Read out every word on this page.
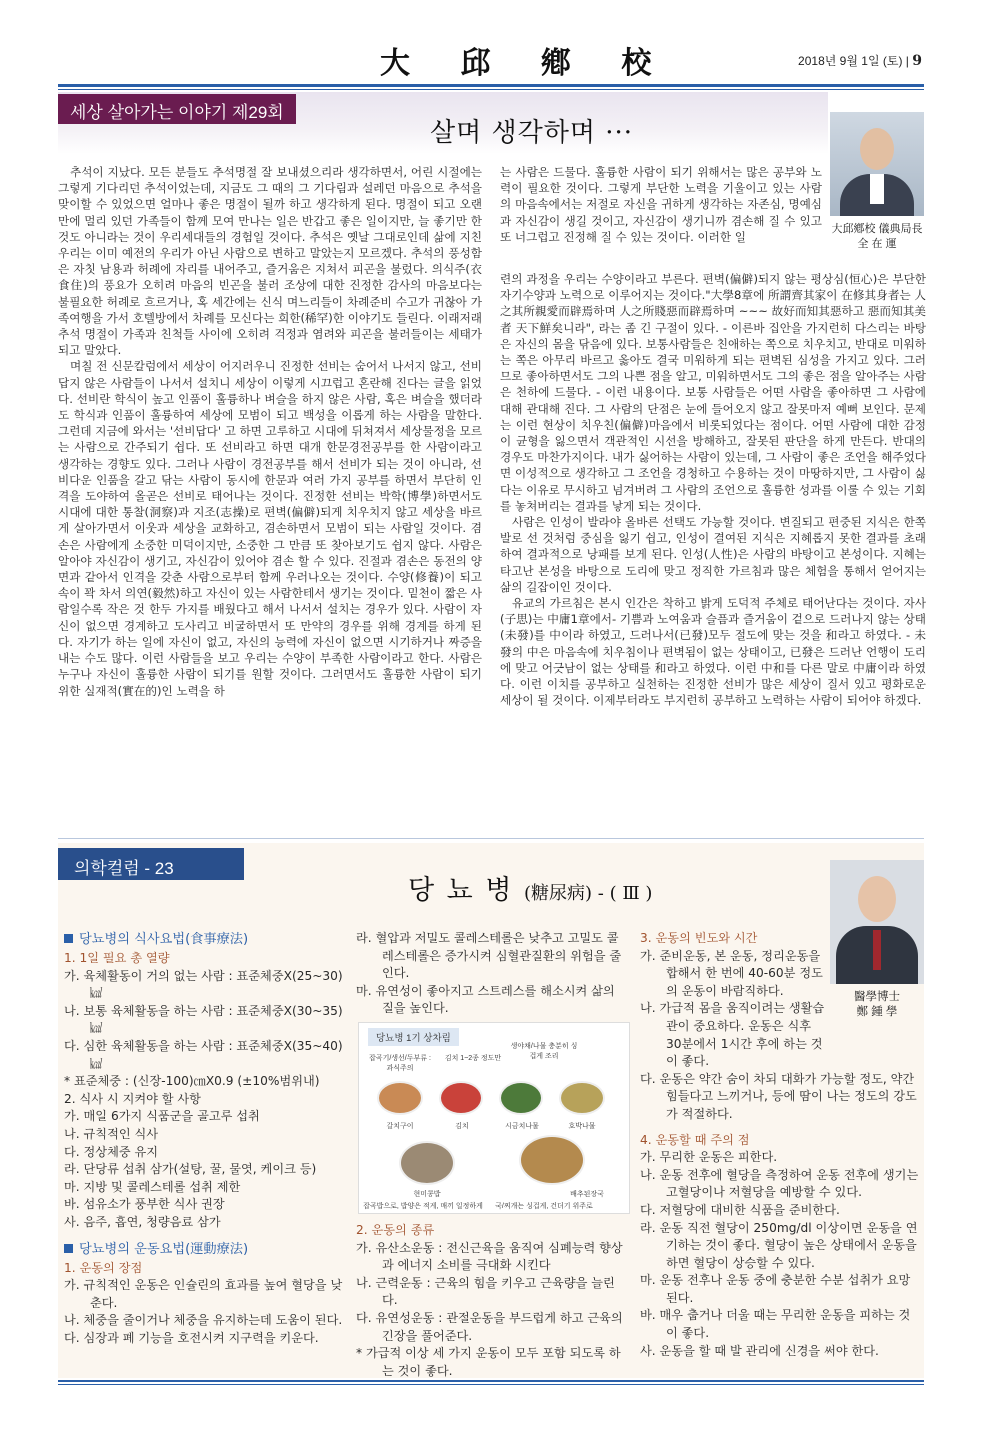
大 邱 鄕 校	2018년 9월 1일 (토) | 9
세상 살아가는 이야기 제29회
살며 생각하며 ···
大邱鄕校 儀典局長
全 在 運

추석이 지났다. 모든 분들도 추석명절 잘 보내셨으리라 생각하면서, 어린 시절에는 그렇게 기다리던 추석이었는데, 지금도 그 때의 그 기다림과 설레던 마음으로 추석을 맞이할 수 있었으면 얼마나 좋은 명절이 될까 하고 생각하게 된다. 명절이 되고 오랜만에 멀리 있던 가족들이 함께 모여 만나는 일은 반갑고 좋은 일이지만, 늘 좋기만 한 것도 아니라는 것이 우리세대들의 경험일 것이다. 추석은 옛날 그대로인데 삶에 지친 우리는 이미 예전의 우리가 아닌 사람으로 변하고 말았는지 모르겠다. 추석의 풍성함은 자칫 남용과 허례에 자리를 내어주고, 즐거움은 지쳐서 피곤을 불렀다. 의식주(衣食住)의 풍요가 오히려 마음의 빈곤을 불러 조상에 대한 진정한 감사의 마음보다는 불필요한 허례로 흐르거나, 혹 세간에는 신식 며느리들이 차례준비 수고가 귀찮아 가족여행을 가서 호텔방에서 차례를 모신다는 희한(稀罕)한 이야기도 들린다. 이래저래 추석 명절이 가족과 친척들 사이에 오히려 걱정과 염려와 피곤을 불러들이는 세태가 되고 말았다.

며칠 전 신문칼럼에서 세상이 어지러우니 진정한 선비는 숨어서 나서지 않고, 선비답지 않은 사람들이 나서서 설치니 세상이 이렇게 시끄럽고 혼란해 진다는 글을 읽었다. 선비란 학식이 높고 인품이 훌륭하나 벼슬을 하지 않은 사람, 혹은 벼슬을 했더라도 학식과 인품이 훌륭하여 세상에 모범이 되고 백성을 이롭게 하는 사람을 말한다. 그런데 지금에 와서는 '선비답다' 고 하면 고루하고 시대에 뒤쳐져서 세상물정을 모르는 사람으로 간주되기 쉽다. 또 선비라고 하면 대개 한문경전공부를 한 사람이라고 생각하는 경향도 있다. 그러나 사람이 경전공부를 해서 선비가 되는 것이 아니라, 선비다운 인품을 갈고 닦는 사람이 동시에 한문과 여러 가지 공부를 하면서 부단히 인격을 도야하여 올곧은 선비로 태어나는 것이다. 진정한 선비는 박학(博學)하면서도 시대에 대한 통찰(洞察)과 지조(志操)로 편벽(偏僻)되게 치우치지 않고 세상을 바르게 살아가면서 이웃과 세상을 교화하고, 겸손하면서 모범이 되는 사람일 것이다. 겸손은 사람에게 소중한 미덕이지만, 소중한 그 만큼 또 찾아보기도 쉽지 않다. 사람은 알아야 자신감이 생기고, 자신감이 있어야 겸손 할 수 있다. 진절과 겸손은 동전의 양면과 같아서 인격을 갖춘 사람으로부터 함께 우러나오는 것이다. 수양(修養)이 되고 속이 꽉 차서 의연(毅然)하고 자신이 있는 사람한테서 생기는 것이다. 밑천이 짧은 사람일수록 작은 것 한두 가지를 배웠다고 해서 나서서 설치는 경우가 있다. 사람이 자신이 없으면 경계하고 도사리고 비굴하면서 또 만약의 경우를 위해 경계를 하게 된다. 자기가 하는 일에 자신이 없고, 자신의 능력에 자신이 없으면 시기하거나 짜증을 내는 수도 많다. 이런 사람들을 보고 우리는 수양이 부족한 사람이라고 한다. 사람은 누구나 자신이 훌륭한 사람이 되기를 원할 것이다. 그러면서도 훌륭한 사람이 되기 위한 실재적(實在的)인 노력을 하

는 사람은 드물다. 훌륭한 사람이 되기 위해서는 많은 공부와 노력이 필요한 것이다. 그렇게 부단한 노력을 기울이고 있는 사람의 마음속에서는 저절로 자신을 귀하게 생각하는 자존심, 명예심과 자신감이 생길 것이고, 자신감이 생기니까 겸손해 질 수 있고 또 너그럽고 진정해 질 수 있는 것이다. 이러한 일

련의 과정을 우리는 수양이라고 부른다. 편벽(偏僻)되지 않는 평상심(恒心)은 부단한 자기수양과 노력으로 이루어지는 것이다."大學8章에 所謂齊其家이 在修其身者는 人之其所親愛而辟焉하며 人之所賤惡而辟焉하며 ~~~ 故好而知其惡하고 惡而知其美者 天下鮮矣니라", 라는 좀 긴 구절이 있다. - 이른바 집안을 가지런히 다스리는 바탕은 자신의 몸을 닦음에 있다. 보통사람들은 친애하는 쪽으로 치우치고, 반대로 미워하는 쪽은 아무리 바르고 옳아도 결국 미워하게 되는 편벽된 심성을 가지고 있다. 그러므로 좋아하면서도 그의 나쁜 점을 알고, 미워하면서도 그의 좋은 점을 알아주는 사람은 천하에 드물다. - 이런 내용이다. 보통 사람들은 어떤 사람을 좋아하면 그 사람에 대해 관대해 진다. 그 사람의 단점은 눈에 들어오지 않고 잘못마저 예뻐 보인다. 문제는 이런 현상이 치우친(偏僻)마음에서 비롯되었다는 점이다. 어떤 사람에 대한 감정이 균형을 잃으면서 객관적인 시선을 방해하고, 잘못된 판단을 하게 만든다. 반대의 경우도 마찬가지이다. 내가 싫어하는 사람이 있는데, 그 사람이 좋은 조언을 해주었다면 이성적으로 생각하고 그 조언을 경청하고 수용하는 것이 마땅하지만, 그 사람이 싫다는 이유로 무시하고 넘겨버려 그 사람의 조언으로 훌륭한 성과를 이룰 수 있는 기회를 놓쳐버리는 결과를 낳게 되는 것이다.

사람은 인성이 발라야 올바른 선택도 가능할 것이다. 변질되고 편중된 지식은 한쪽발로 선 것처럼 중심을 잃기 쉽고, 인성이 결여된 지식은 지혜롭지 못한 결과를 초래하여 결과적으로 낭패를 보게 된다. 인성(人性)은 사람의 바탕이고 본성이다. 지혜는 타고난 본성을 바탕으로 도리에 맞고 정직한 가르침과 많은 체험을 통해서 얻어지는 삶의 길잡이인 것이다.

유교의 가르침은 본시 인간은 착하고 밝게 도덕적 주체로 태어난다는 것이다. 자사(子思)는 中庸1章에서- 기쁨과 노여움과 슬픔과 즐거움이 겉으로 드러나지 않는 상태(未發)를 中이라 하였고, 드러나서(已發)모두 절도에 맞는 것을 和라고 하였다. - 未發의 中은 마음속에 치우침이나 편벽됨이 없는 상태이고, 已發은 드러난 언행이 도리에 맞고 어긋남이 없는 상태를 和라고 하였다. 이런 中和를 다른 말로 中庸이라 하였다. 이런 이치를 공부하고 실천하는 진정한 선비가 많은 세상이 질서 있고 평화로운 세상이 될 것이다. 이제부터라도 부지런히 공부하고 노력하는 사람이 되어야 하겠다.

의학컬럼 - 23
당 뇨 병 (糖尿病) - ( Ⅲ )
醫學博士
鄭 鍾 學
당뇨병의 식사요법(食事療法)
1. 1일 필요 총 열량
가. 육체활동이 거의 없는 사람 : 표준체중Ⅹ(25~30)㎉
나. 보통 육체활동을 하는 사람 : 표준체중Ⅹ(30~35)㎉
다. 심한 육체활동을 하는 사람 : 표준체중Ⅹ(35~40)㎉
* 표준체중 : (신장-100)㎝Ⅹ0.9 (±10%범위내)
2. 식사 시 지켜야 할 사항
가. 매일 6가지 식품군을 골고루 섭취
나. 규칙적인 식사
다. 정상체중 유지
라. 단당류 섭취 삼가(설탕, 꿀, 물엿, 케이크 등)
마. 지방 및 콜레스테롤 섭취 제한
바. 섬유소가 풍부한 식사 권장
사. 음주, 흡연, 청량음료 삼가
당뇨병의 운동요법(運動療法)
1. 운동의 장점
가. 규칙적인 운동은 인슐린의 효과를 높여 혈당을 낮춘다.
나. 체중을 줄이거나 체중을 유지하는데 도움이 된다.
다. 심장과 폐 기능을 호전시켜 지구력을 키운다.
라. 혈압과 저밀도 콜레스테롤은 낮추고 고밀도 콜레스테롤은 증가시켜 심혈관질환의 위험을 줄인다.
마. 유연성이 좋아지고 스트레스를 해소시켜 삶의 질을 높인다.
잡곡기/생선/두부류 : 과식주의
김치 1~2종 정도만
생야채/나물 충분히 싱겁게 조리
갈치구이	김치	시금치나물	호박나물
현미콩밥	배추된장국
잡곡밥으로, 밥양은 적게, 매끼 일정하게	국/찌개는 싱겁게, 건더기 위주로
당뇨병 1기 상차림
2. 운동의 종류
가. 유산소운동 : 전신근육을 움직여 심폐능력 향상과 에너지 소비를 극대화 시킨다
나. 근력운동 : 근육의 힘을 키우고 근육량을 늘린다.
다. 유연성운동 : 관절운동을 부드럽게 하고 근육의 긴장을 풀어준다.
* 가급적 이상 세 가지 운동이 모두 포함 되도록 하는 것이 좋다.
3. 운동의 빈도와 시간
가. 준비운동, 본 운동, 정리운동을 합해서 한 번에 40-60분 정도의 운동이 바람직하다.
나. 가급적 몸을 움직이려는 생활습관이 중요하다. 운동은 식후 30분에서 1시간 후에 하는 것이 좋다.
다. 운동은 약간 숨이 차되 대화가 가능할 정도, 약간 힘들다고 느끼거나, 등에 땀이 나는 정도의 강도가 적절하다.
4. 운동할 때 주의 점
가. 무리한 운동은 피한다.
나. 운동 전후에 혈당을 측정하여 운동 전후에 생기는 고혈당이나 저혈당을 예방할 수 있다.
다. 저혈당에 대비한 식품을 준비한다.
라. 운동 직전 혈당이 250mg/dl 이상이면 운동을 연기하는 것이 좋다. 혈당이 높은 상태에서 운동을 하면 혈당이 상승할 수 있다.
마. 운동 전후나 운동 중에 충분한 수분 섭취가 요망된다.
바. 매우 춥거나 더울 때는 무리한 운동을 피하는 것이 좋다.
사. 운동을 할 때 발 관리에 신경을 써야 한다.
